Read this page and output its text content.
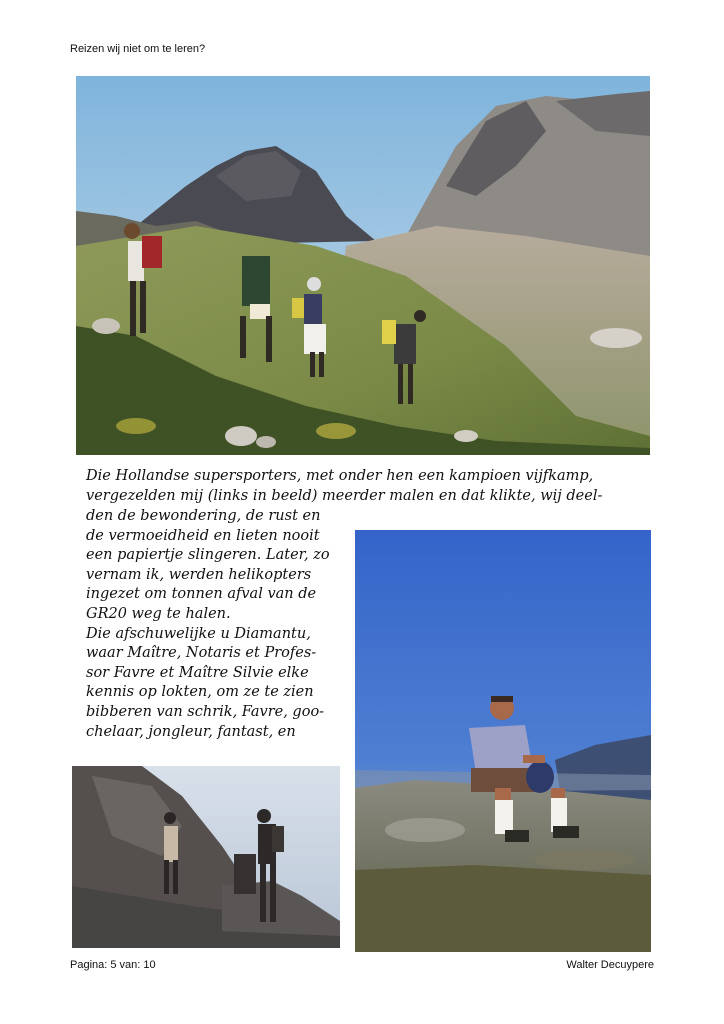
Reizen wij niet om te leren?
Die Hollandse supersporters, met onder hen een kampioen vijfkamp,
vergezelden mij (links in beeld) meerder malen en dat klikte, wij deel-
den de bewondering, de rust en
de vermoeidheid en lieten nooit
een papiertje slingeren. Later, zo
vernam ik, werden helikopters
ingezet om tonnen afval van de
GR20 weg te halen.
Die afschuwelijke u Diamantu,
waar Maître, Notaris et Profes-
sor Favre et Maître Silvie elke
kennis op lokten, om ze te zien
bibberen van schrik, Favre, goo-
chelaar, jongleur, fantast, en
Pagina: 5 van: 10	Walter Decuypere
